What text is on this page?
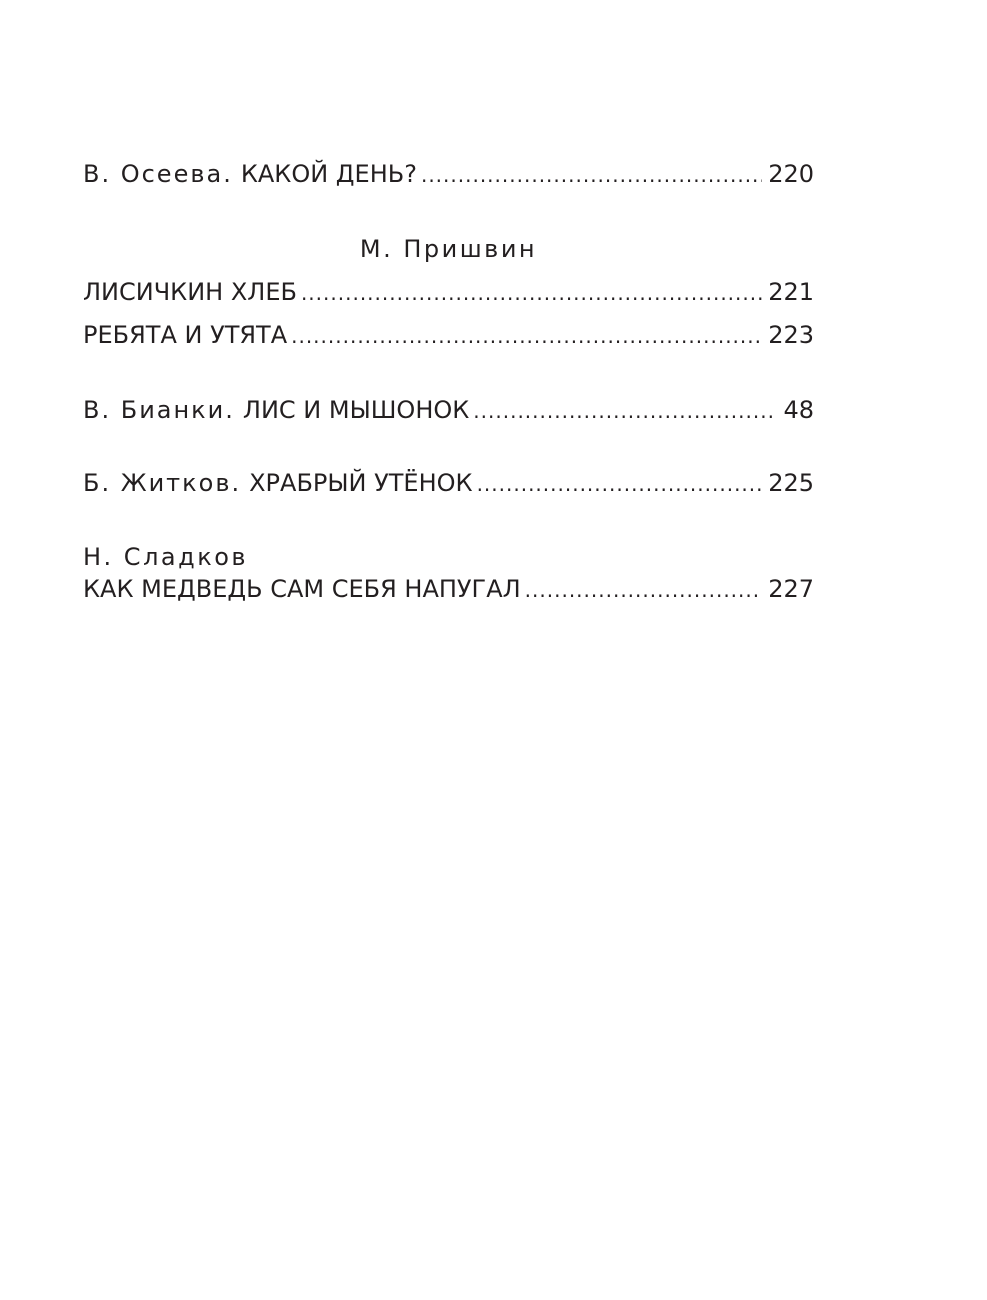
В. Осеева. КАКОЙ ДЕНЬ? .....	220
М. Пришвин
ЛИСИЧКИН ХЛЕБ .....	221
РЕБЯТА И УТЯТА .....	223
В. Бианки. ЛИС И МЫШОНОК .....	48
Б. Житков. ХРАБРЫЙ УТЁНОК .....	225
Н. Сладков
КАК МЕДВЕДЬ САМ СЕБЯ НАПУГАЛ .....	227
